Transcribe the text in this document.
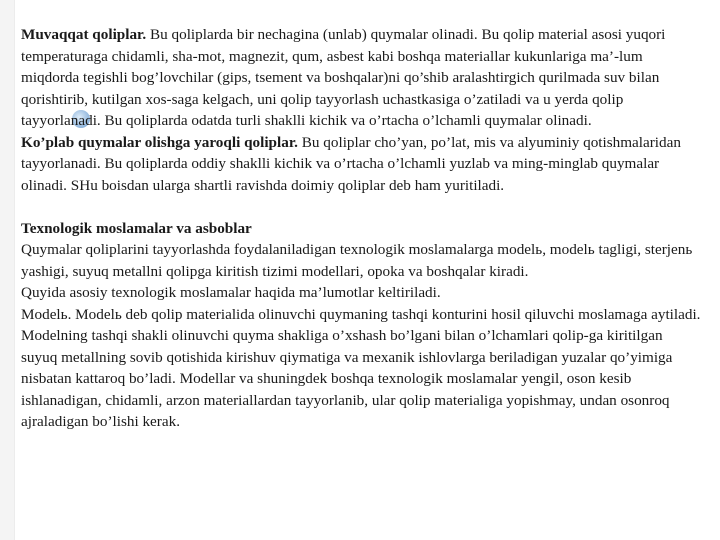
Muvaqqat qoliplar. Bu qoliplarda bir nechagina (unlab) quymalar olinadi. Bu qolip material asosi yuqori temperaturaga chidamli, sha-mot, magnezit, qum, asbest kabi boshqa materiallar kukunlariga ma’-lum miqdorda tegishli bog’lovchilar (gips, tsement va boshqalar)ni qo’shib aralashtirgich qurilmada suv bilan qorishtirib, kutilgan xos-saga kelgach, uni qolip tayyorlash uchastkasiga o’zatiladi va u yerda qolip tayyorlanadi. Bu qoliplarda odatda turli shaklli kichik va o’rtacha o’lchamli quymalar olinadi.

Ko’plab quymalar olishga yaroqli qoliplar. Bu qoliplar cho’yan, po’lat, mis va alyuminiy qotishmalaridan tayyorlanadi. Bu qoliplarda oddiy shaklli kichik va o’rtacha o’lchamli yuzlab va ming-minglab quymalar olinadi. SHu boisdan ularga shartli ravishda doimiy qoliplar deb ham yuritiladi.

Texnologik moslamalar va asboblar

Quymalar qoliplarini tayyorlashda foydalaniladigan texnologik moslamalarga modelь, modelь tagligi, sterjenь yashigi, suyuq metallni qolipga kiritish tizimi modellari, opoka va boshqalar kiradi.

Quyida asosiy texnologik moslamalar haqida ma’lumotlar keltiriladi.

Modelь. Modelь deb qolip materialida olinuvchi quymaning tashqi konturini hosil qiluvchi moslamaga aytiladi. Modelning tashqi shakli olinuvchi quyma shakliga o’xshash bo’lgani bilan o’lchamlari qolip-ga kiritilgan suyuq metallning sovib qotishida kirishuv qiymatiga va mexanik ishlovlarga beriladigan yuzalar qo’yimiga nisbatan kattaroq bo’ladi. Modellar va shuningdek boshqa texnologik moslamalar yengil, oson kesib ishlanadigan, chidamli, arzon materiallardan tayyorlanib, ular qolip materialiga yopishmay, undan osonroq ajraladigan bo’lishi kerak.
